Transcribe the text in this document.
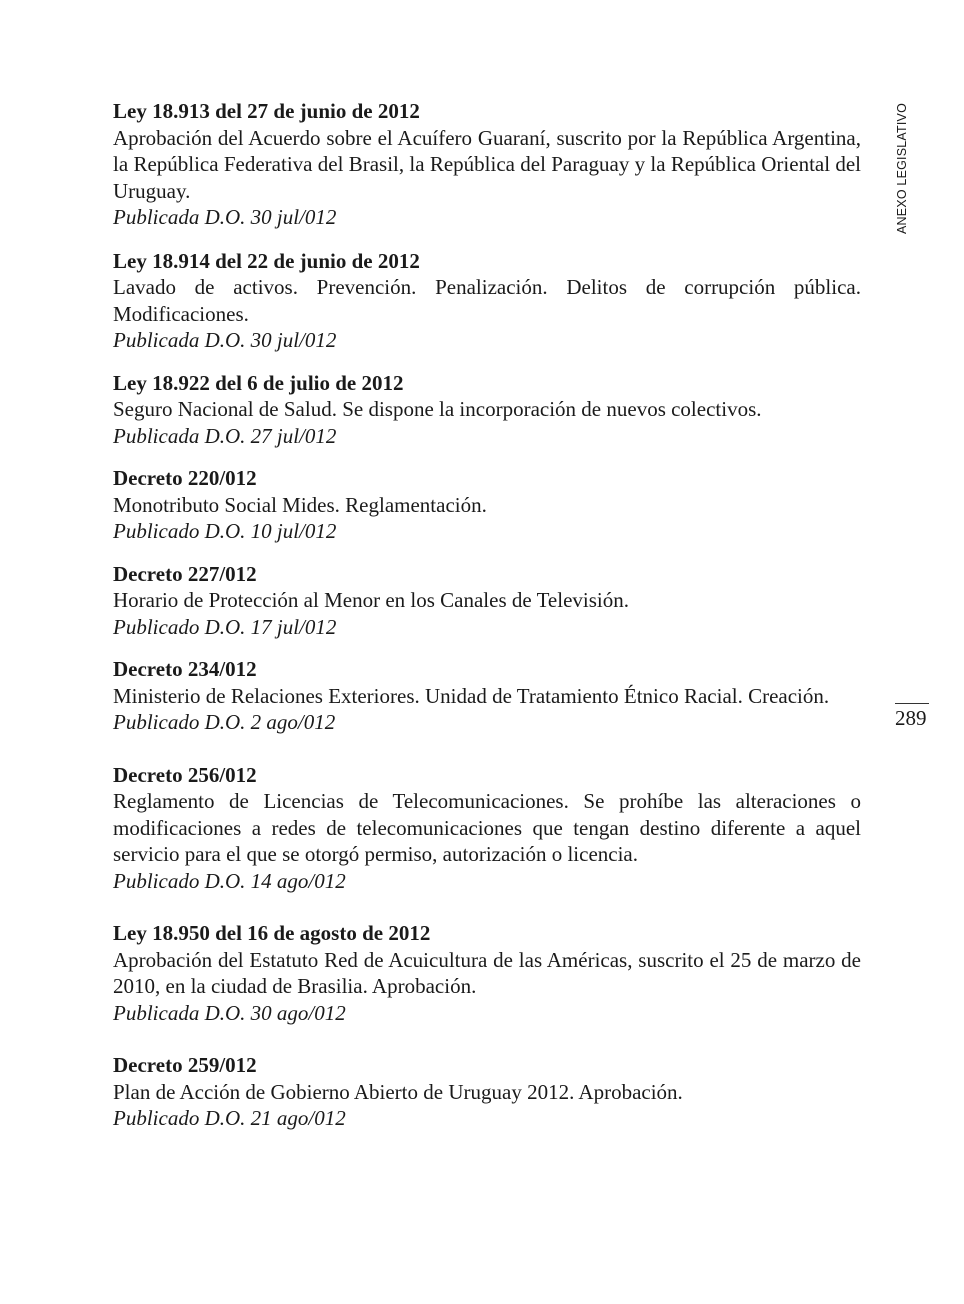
Ley 18.913 del 27 de junio de 2012
Aprobación del Acuerdo sobre el Acuífero Guaraní, suscrito por la República Argentina, la República Federativa del Brasil, la República del Paraguay y la República Oriental del Uruguay.
Publicada D.O. 30 jul/012
Ley 18.914 del 22 de junio de 2012
Lavado de activos. Prevención. Penalización. Delitos de corrupción pública. Modificaciones.
Publicada D.O. 30 jul/012
Ley 18.922 del 6 de julio de 2012
Seguro Nacional de Salud. Se dispone la incorporación de nuevos colectivos.
Publicada D.O. 27 jul/012
Decreto 220/012
Monotributo Social Mides. Reglamentación.
Publicado D.O. 10 jul/012
Decreto 227/012
Horario de Protección al Menor en los Canales de Televisión.
Publicado D.O. 17 jul/012
Decreto 234/012
Ministerio de Relaciones Exteriores. Unidad de Tratamiento Étnico Racial. Creación.
Publicado D.O. 2 ago/012
Decreto 256/012
Reglamento de Licencias de Telecomunicaciones. Se prohíbe las alteraciones o modificaciones a redes de telecomunicaciones que tengan destino diferente a aquel servicio para el que se otorgó permiso, autorización o licencia.
Publicado D.O. 14 ago/012
Ley 18.950 del 16 de agosto de 2012
Aprobación del Estatuto Red de Acuicultura de las Américas, suscrito el 25 de marzo de 2010, en la ciudad de Brasilia. Aprobación.
Publicada D.O. 30 ago/012
Decreto 259/012
Plan de Acción de Gobierno Abierto de Uruguay 2012. Aprobación.
Publicado D.O. 21 ago/012
ANEXO LEGISLATIVO
289
